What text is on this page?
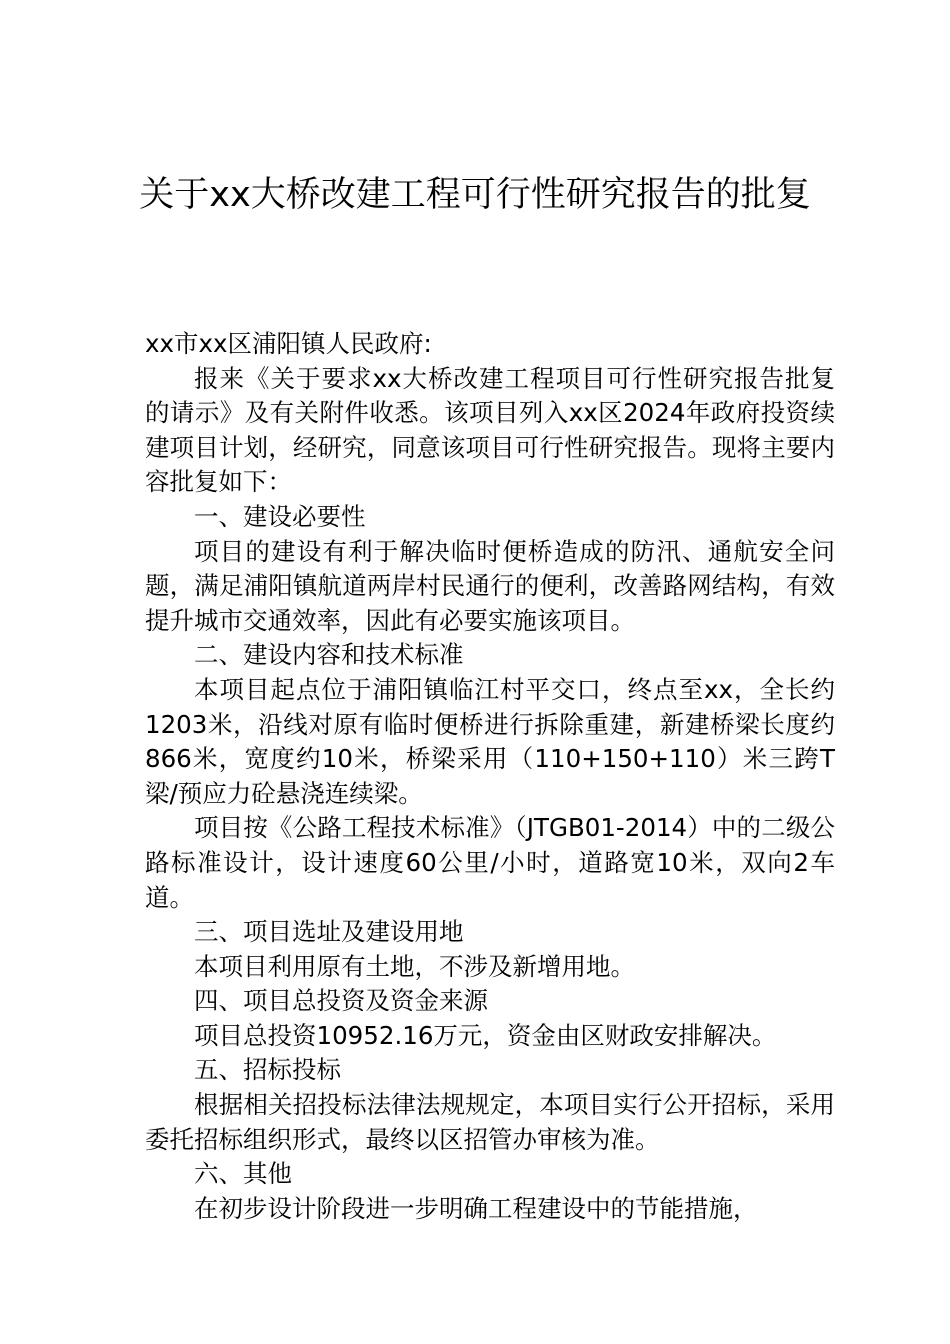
关于xx大桥改建工程可行性研究报告的批复

xx市xx区浦阳镇人民政府:

报来《关于要求xx大桥改建工程项目可行性研究报告批复的请示》及有关附件收悉。该项目列入xx区2024年政府投资续建项目计划，经研究，同意该项目可行性研究报告。现将主要内容批复如下：

一、建设必要性

项目的建设有利于解决临时便桥造成的防汛、通航安全问题，满足浦阳镇航道两岸村民通行的便利，改善路网结构，有效提升城市交通效率，因此有必要实施该项目。

二、建设内容和技术标准

本项目起点位于浦阳镇临江村平交口，终点至xx，全长约1203米，沿线对原有临时便桥进行拆除重建，新建桥梁长度约866米，宽度约10米，桥梁采用（110+150+110）米三跨T梁/预应力砼悬浇连续梁。

项目按《公路工程技术标准》（JTGB01-2014）中的二级公路标准设计，设计速度60公里/小时，道路宽10米，双向2车道。

三、项目选址及建设用地

本项目利用原有土地，不涉及新增用地。

四、项目总投资及资金来源

项目总投资10952.16万元，资金由区财政安排解决。

五、招标投标

根据相关招投标法律法规规定，本项目实行公开招标，采用委托招标组织形式，最终以区招管办审核为准。

六、其他

在初步设计阶段进一步明确工程建设中的节能措施，
